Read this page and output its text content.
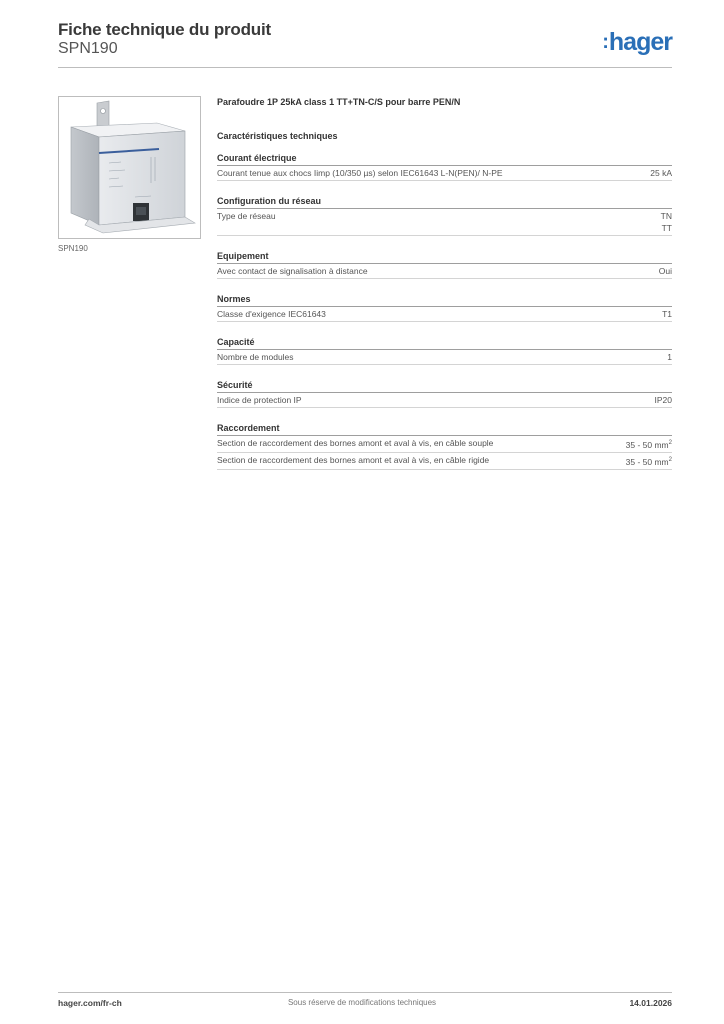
Fiche technique du produit
SPN190	:hager
SPN190

Parafoudre 1P 25kA class 1 TT+TN-C/S pour barre PEN/N

Caractéristiques techniques

Courant électrique
Courant tenue aux chocs Iimp (10/350 µs) selon IEC61643 L-N(PEN)/ N-PE	25 kA
Configuration du réseau
Type de réseau	TN
TT
Equipement
Avec contact de signalisation à distance	Oui
Normes
Classe d'exigence IEC61643	T1
Capacité
Nombre de modules	1
Sécurité
Indice de protection IP	IP20
Raccordement
Section de raccordement des bornes amont et aval à vis, en câble souple	35 - 50 $mm^2$
Section de raccordement des bornes amont et aval à vis, en câble rigide	35 - 50 $mm^2$
hager.com/fr-ch	Sous réserve de modifications techniques	14.01.2026
